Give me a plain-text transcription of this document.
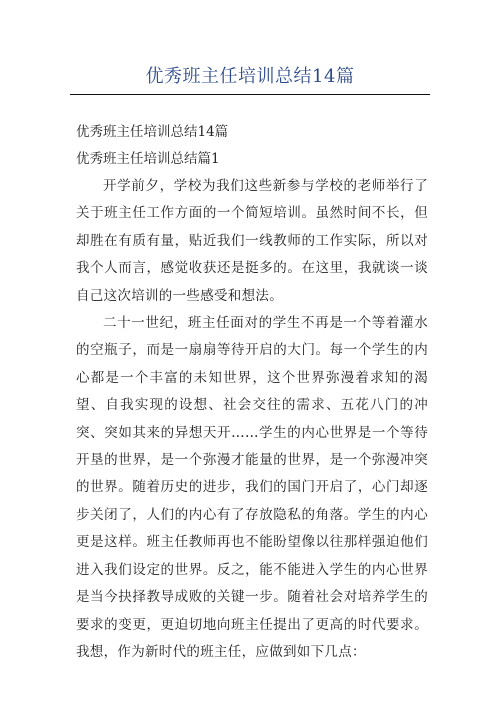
优秀班主任培训总结14篇

优秀班主任培训总结14篇

优秀班主任培训总结篇1

开学前夕，学校为我们这些新参与学校的老师举行了关于班主任工作方面的一个简短培训。虽然时间不长，但却胜在有质有量，贴近我们一线教师的工作实际，所以对我个人而言，感觉收获还是挺多的。在这里，我就谈一谈自己这次培训的一些感受和想法。

二十一世纪，班主任面对的学生不再是一个等着灌水的空瓶子，而是一扇扇等待开启的大门。每一个学生的内心都是一个丰富的未知世界，这个世界弥漫着求知的渴望、自我实现的设想、社会交往的需求、五花八门的冲突、突如其来的异想天开……学生的内心世界是一个等待开垦的世界，是一个弥漫才能量的世界，是一个弥漫冲突的世界。随着历史的进步，我们的国门开启了，心门却逐步关闭了，人们的内心有了存放隐私的角落。学生的内心更是这样。班主任教师再也不能盼望像以往那样强迫他们进入我们设定的世界。反之，能不能进入学生的内心世界是当今抉择教导成败的关键一步。随着社会对培养学生的要求的变更，更迫切地向班主任提出了更高的时代要求。我想，作为新时代的班主任，应做到如下几点：
